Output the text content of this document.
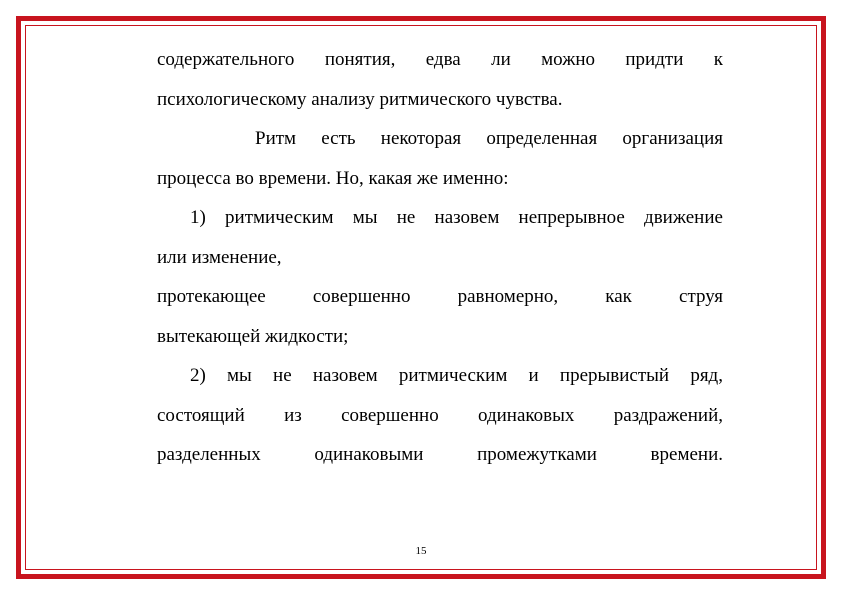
содержательного понятия, едва ли можно придти к
психологическому анализу ритмического чувства.
Ритм есть некоторая определенная организация
процесса во времени. Но, какая же именно:
1) ритмическим мы не назовем непрерывное движение
или изменение,
протекающее совершенно равномерно, как струя
вытекающей жидкости;
2) мы не назовем ритмическим и прерывистый ряд,
состоящий из совершенно одинаковых раздражений,
разделенных	одинаковыми	промежутками	времени.
15
